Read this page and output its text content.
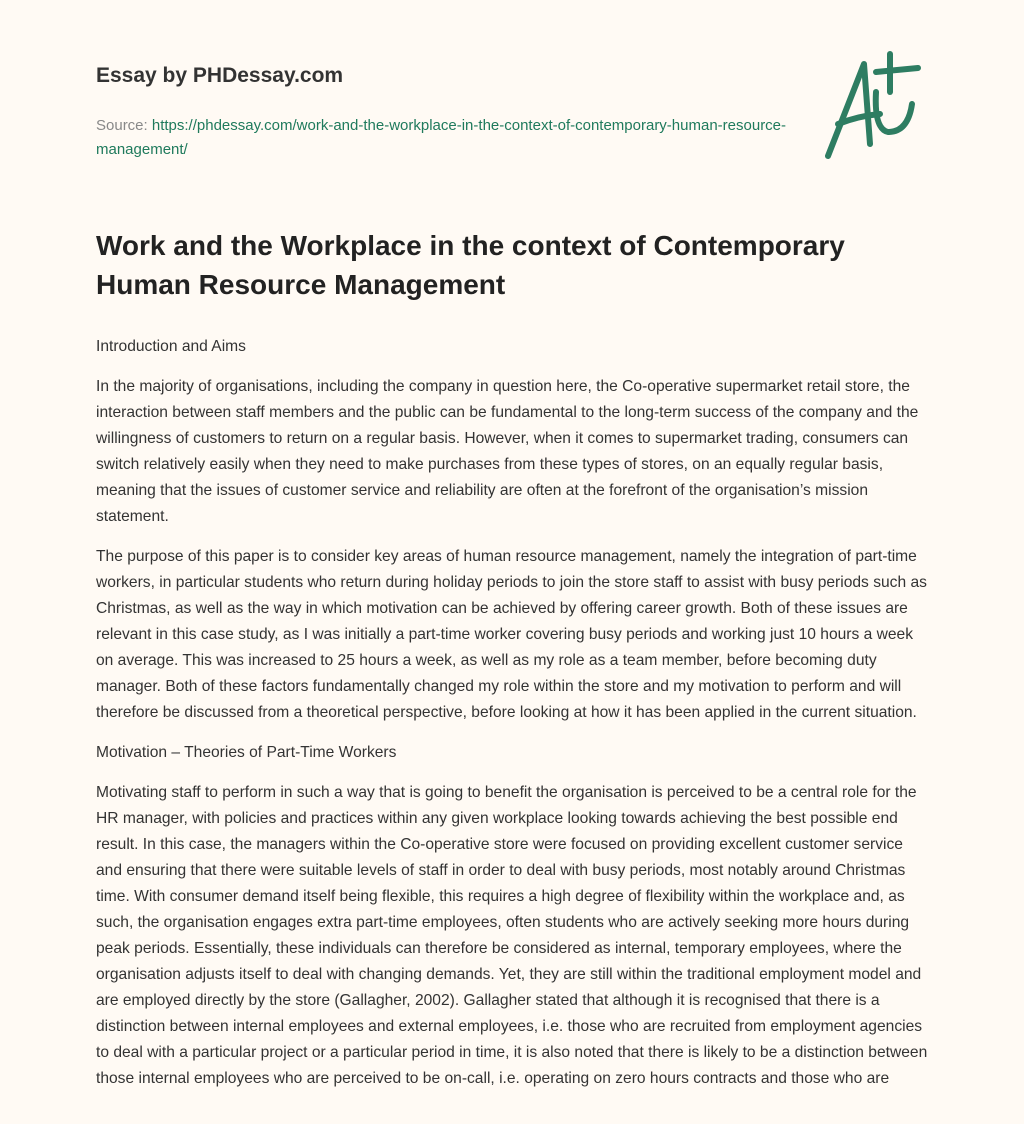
Essay by PHDessay.com
Source: https://phdessay.com/work-and-the-workplace-in-the-context-of-contemporary-human-resource-management/
Work and the Workplace in the context of Contemporary Human Resource Management

Introduction and Aims

In the majority of organisations, including the company in question here, the Co-operative supermarket retail store, the interaction between staff members and the public can be fundamental to the long-term success of the company and the willingness of customers to return on a regular basis. However, when it comes to supermarket trading, consumers can switch relatively easily when they need to make purchases from these types of stores, on an equally regular basis, meaning that the issues of customer service and reliability are often at the forefront of the organisation’s mission statement.

The purpose of this paper is to consider key areas of human resource management, namely the integration of part-time workers, in particular students who return during holiday periods to join the store staff to assist with busy periods such as Christmas, as well as the way in which motivation can be achieved by offering career growth. Both of these issues are relevant in this case study, as I was initially a part-time worker covering busy periods and working just 10 hours a week on average. This was increased to 25 hours a week, as well as my role as a team member, before becoming duty manager. Both of these factors fundamentally changed my role within the store and my motivation to perform and will therefore be discussed from a theoretical perspective, before looking at how it has been applied in the current situation.

Motivation – Theories of Part-Time Workers

Motivating staff to perform in such a way that is going to benefit the organisation is perceived to be a central role for the HR manager, with policies and practices within any given workplace looking towards achieving the best possible end result. In this case, the managers within the Co-operative store were focused on providing excellent customer service and ensuring that there were suitable levels of staff in order to deal with busy periods, most notably around Christmas time. With consumer demand itself being flexible, this requires a high degree of flexibility within the workplace and, as such, the organisation engages extra part-time employees, often students who are actively seeking more hours during peak periods. Essentially, these individuals can therefore be considered as internal, temporary employees, where the organisation adjusts itself to deal with changing demands. Yet, they are still within the traditional employment model and are employed directly by the store (Gallagher, 2002). Gallagher stated that although it is recognised that there is a distinction between internal employees and external employees, i.e. those who are recruited from employment agencies to deal with a particular project or a particular period in time, it is also noted that there is likely to be a distinction between those internal employees who are perceived to be on-call, i.e. operating on zero hours contracts and those who are
